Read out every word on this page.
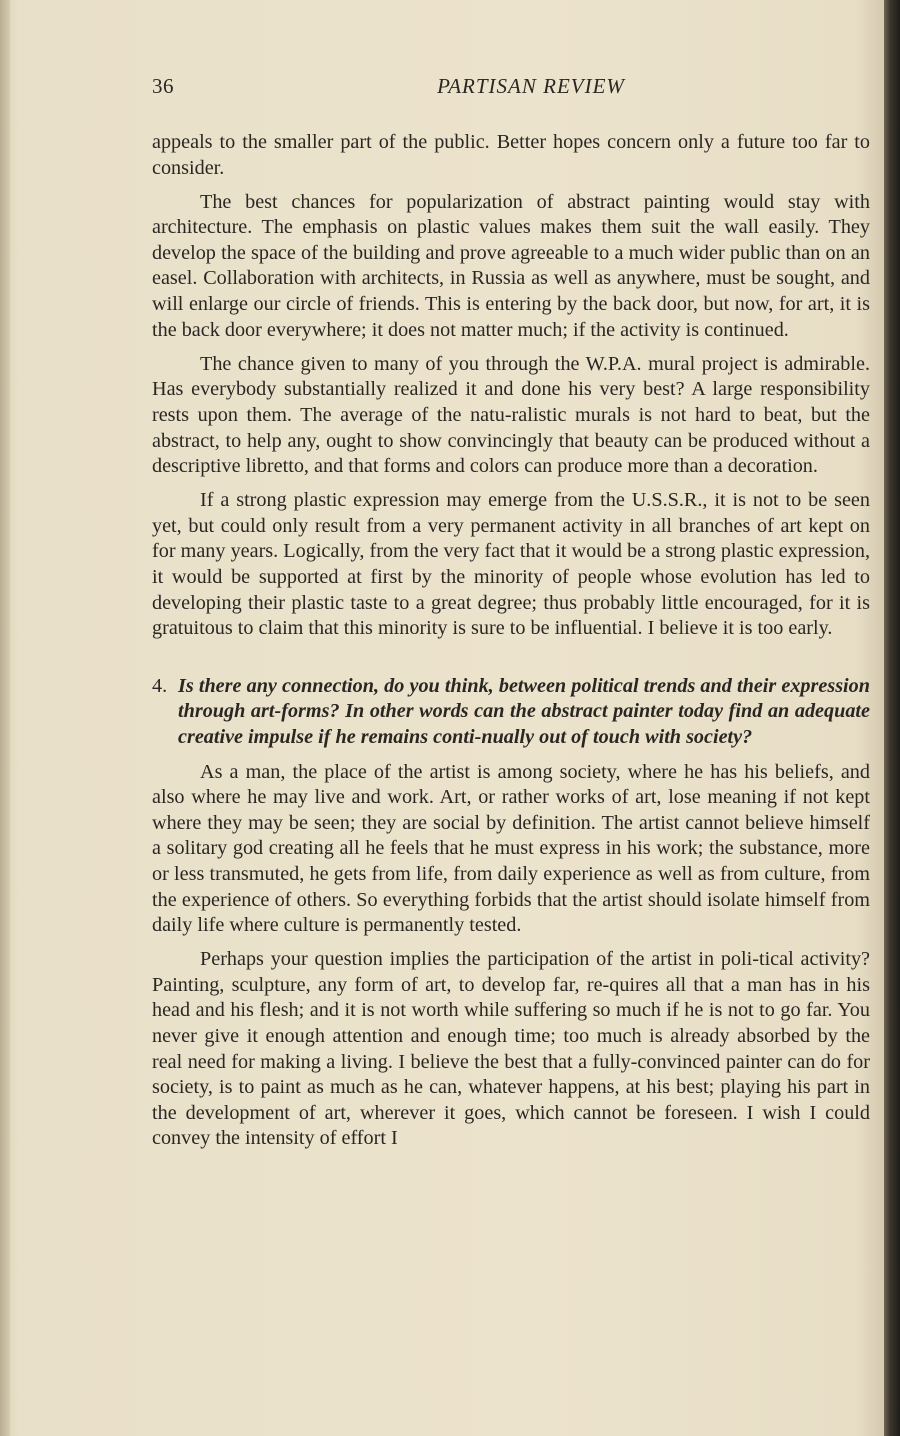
36	PARTISAN REVIEW

appeals to the smaller part of the public. Better hopes concern only a future too far to consider.

The best chances for popularization of abstract painting would stay with architecture. The emphasis on plastic values makes them suit the wall easily. They develop the space of the building and prove agreeable to a much wider public than on an easel. Collaboration with architects, in Russia as well as anywhere, must be sought, and will enlarge our circle of friends. This is entering by the back door, but now, for art, it is the back door everywhere; it does not matter much; if the activity is continued.

The chance given to many of you through the W.P.A. mural project is admirable. Has everybody substantially realized it and done his very best? A large responsibility rests upon them. The average of the natu-ralistic murals is not hard to beat, but the abstract, to help any, ought to show convincingly that beauty can be produced without a descriptive libretto, and that forms and colors can produce more than a decoration.

If a strong plastic expression may emerge from the U.S.S.R., it is not to be seen yet, but could only result from a very permanent activity in all branches of art kept on for many years. Logically, from the very fact that it would be a strong plastic expression, it would be supported at first by the minority of people whose evolution has led to developing their plastic taste to a great degree; thus probably little encouraged, for it is gratuitous to claim that this minority is sure to be influential. I believe it is too early.

4. Is there any connection, do you think, between political trends and their expression through art-forms? In other words can the abstract painter today find an adequate creative impulse if he remains conti-nually out of touch with society?

As a man, the place of the artist is among society, where he has his beliefs, and also where he may live and work. Art, or rather works of art, lose meaning if not kept where they may be seen; they are social by definition. The artist cannot believe himself a solitary god creating all he feels that he must express in his work; the substance, more or less transmuted, he gets from life, from daily experience as well as from culture, from the experience of others. So everything forbids that the artist should isolate himself from daily life where culture is permanently tested.

Perhaps your question implies the participation of the artist in poli-tical activity? Painting, sculpture, any form of art, to develop far, re-quires all that a man has in his head and his flesh; and it is not worth while suffering so much if he is not to go far. You never give it enough attention and enough time; too much is already absorbed by the real need for making a living. I believe the best that a fully-convinced painter can do for society, is to paint as much as he can, whatever happens, at his best; playing his part in the development of art, wherever it goes, which cannot be foreseen. I wish I could convey the intensity of effort I
